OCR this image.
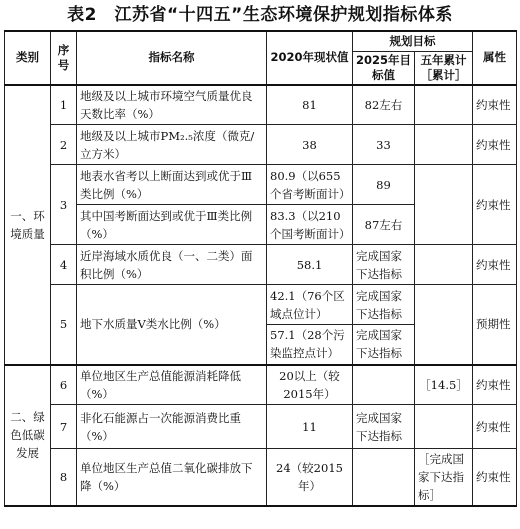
表2　江苏省“十四五”生态环境保护规划指标体系
类别	序号	指标名称	2020年现状值	规划目标		属性
				2025年目标值	五年累计［累计］	
一、环境质量	1	地级及以上城市环境空气质量优良天数比率（%）	81	82左右		约束性
	2	地级及以上城市PM₂.₅浓度（微克/立方米）	38	33		约束性
	3	地表水省考以上断面达到或优于Ⅲ类比例（%）	80.9（以655个省考断面计）	89		约束性
		其中国考断面达到或优于Ⅲ类比例（%）	83.3（以210个国考断面计）	87左右		
	4	近岸海域水质优良（一、二类）面积比例（%）	58.1	完成国家下达指标		约束性
	5	地下水质量Ⅴ类水比例（%）	42.1（76个区域点位计）	完成国家下达指标		预期性
			57.1（28个污染监控点计）	完成国家下达指标		
二、绿色低碳发展	6	单位地区生产总值能源消耗降低（%）	20以上（较2015年）		［14.5］	约束性
	7	非化石能源占一次能源消费比重（%）	11	完成国家下达指标		约束性
	8	单位地区生产总值二氧化碳排放下降（%）	24（较2015年）		［完成国家下达指标］	约束性
